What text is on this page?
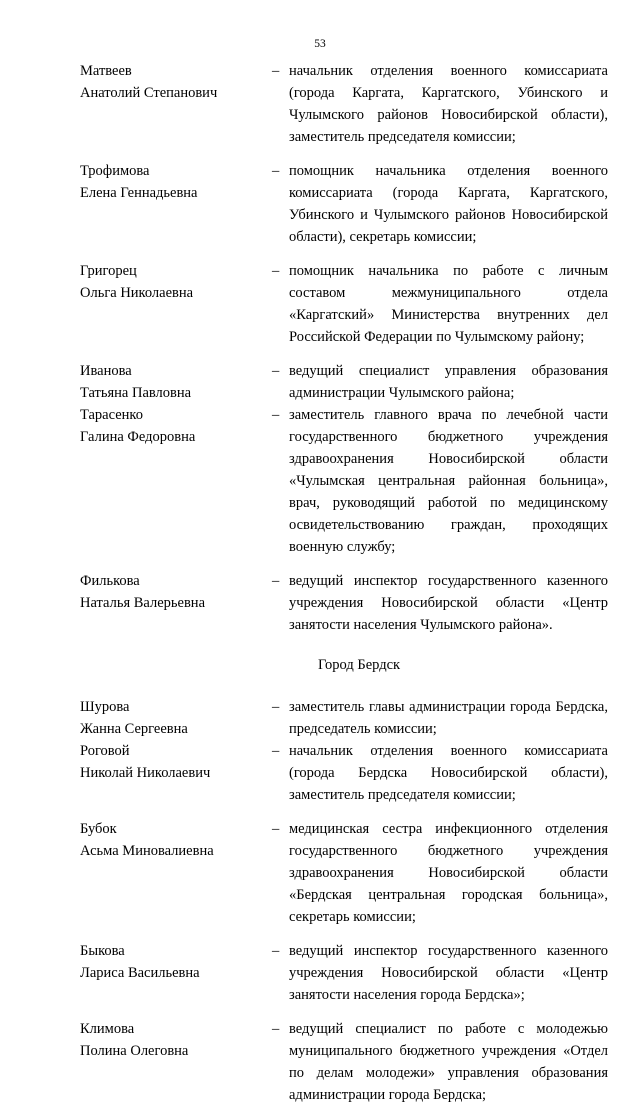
53
Матвеев
Анатолий Степанович
– начальник отделения военного комиссариата (города Каргата, Каргатского, Убинского и Чулымского районов Новосибирской области), заместитель председателя комиссии;
Трофимова
Елена Геннадьевна
– помощник начальника отделения военного комиссариата (города Каргата, Каргатского, Убинского и Чулымского районов Новосибирской области), секретарь комиссии;
Григорец
Ольга Николаевна
– помощник начальника по работе с личным составом межмуниципального отдела «Каргатский» Министерства внутренних дел Российской Федерации по Чулымскому району;
Иванова
Татьяна Павловна
– ведущий специалист управления образования администрации Чулымского района;
Тарасенко
Галина Федоровна
– заместитель главного врача по лечебной части государственного бюджетного учреждения здравоохранения Новосибирской области «Чулымская центральная районная больница», врач, руководящий работой по медицинскому освидетельствованию граждан, проходящих военную службу;
Филькова
Наталья Валерьевна
– ведущий инспектор государственного казенного учреждения Новосибирской области «Центр занятости населения Чулымского района».
Город Бердск
Шурова
Жанна Сергеевна
– заместитель главы администрации города Бердска, председатель комиссии;
Роговой
Николай Николаевич
– начальник отделения военного комиссариата (города Бердска Новосибирской области), заместитель председателя комиссии;
Бубок
Асьма Миновалиевна
– медицинская сестра инфекционного отделения государственного бюджетного учреждения здравоохранения Новосибирской области «Бердская центральная городская больница», секретарь комиссии;
Быкова
Лариса Васильевна
– ведущий инспектор государственного казенного учреждения Новосибирской области «Центр занятости населения города Бердска»;
Климова
Полина Олеговна
– ведущий специалист по работе с молодежью муниципального бюджетного учреждения «Отдел по делам молодежи» управления образования администрации города Бердска;
